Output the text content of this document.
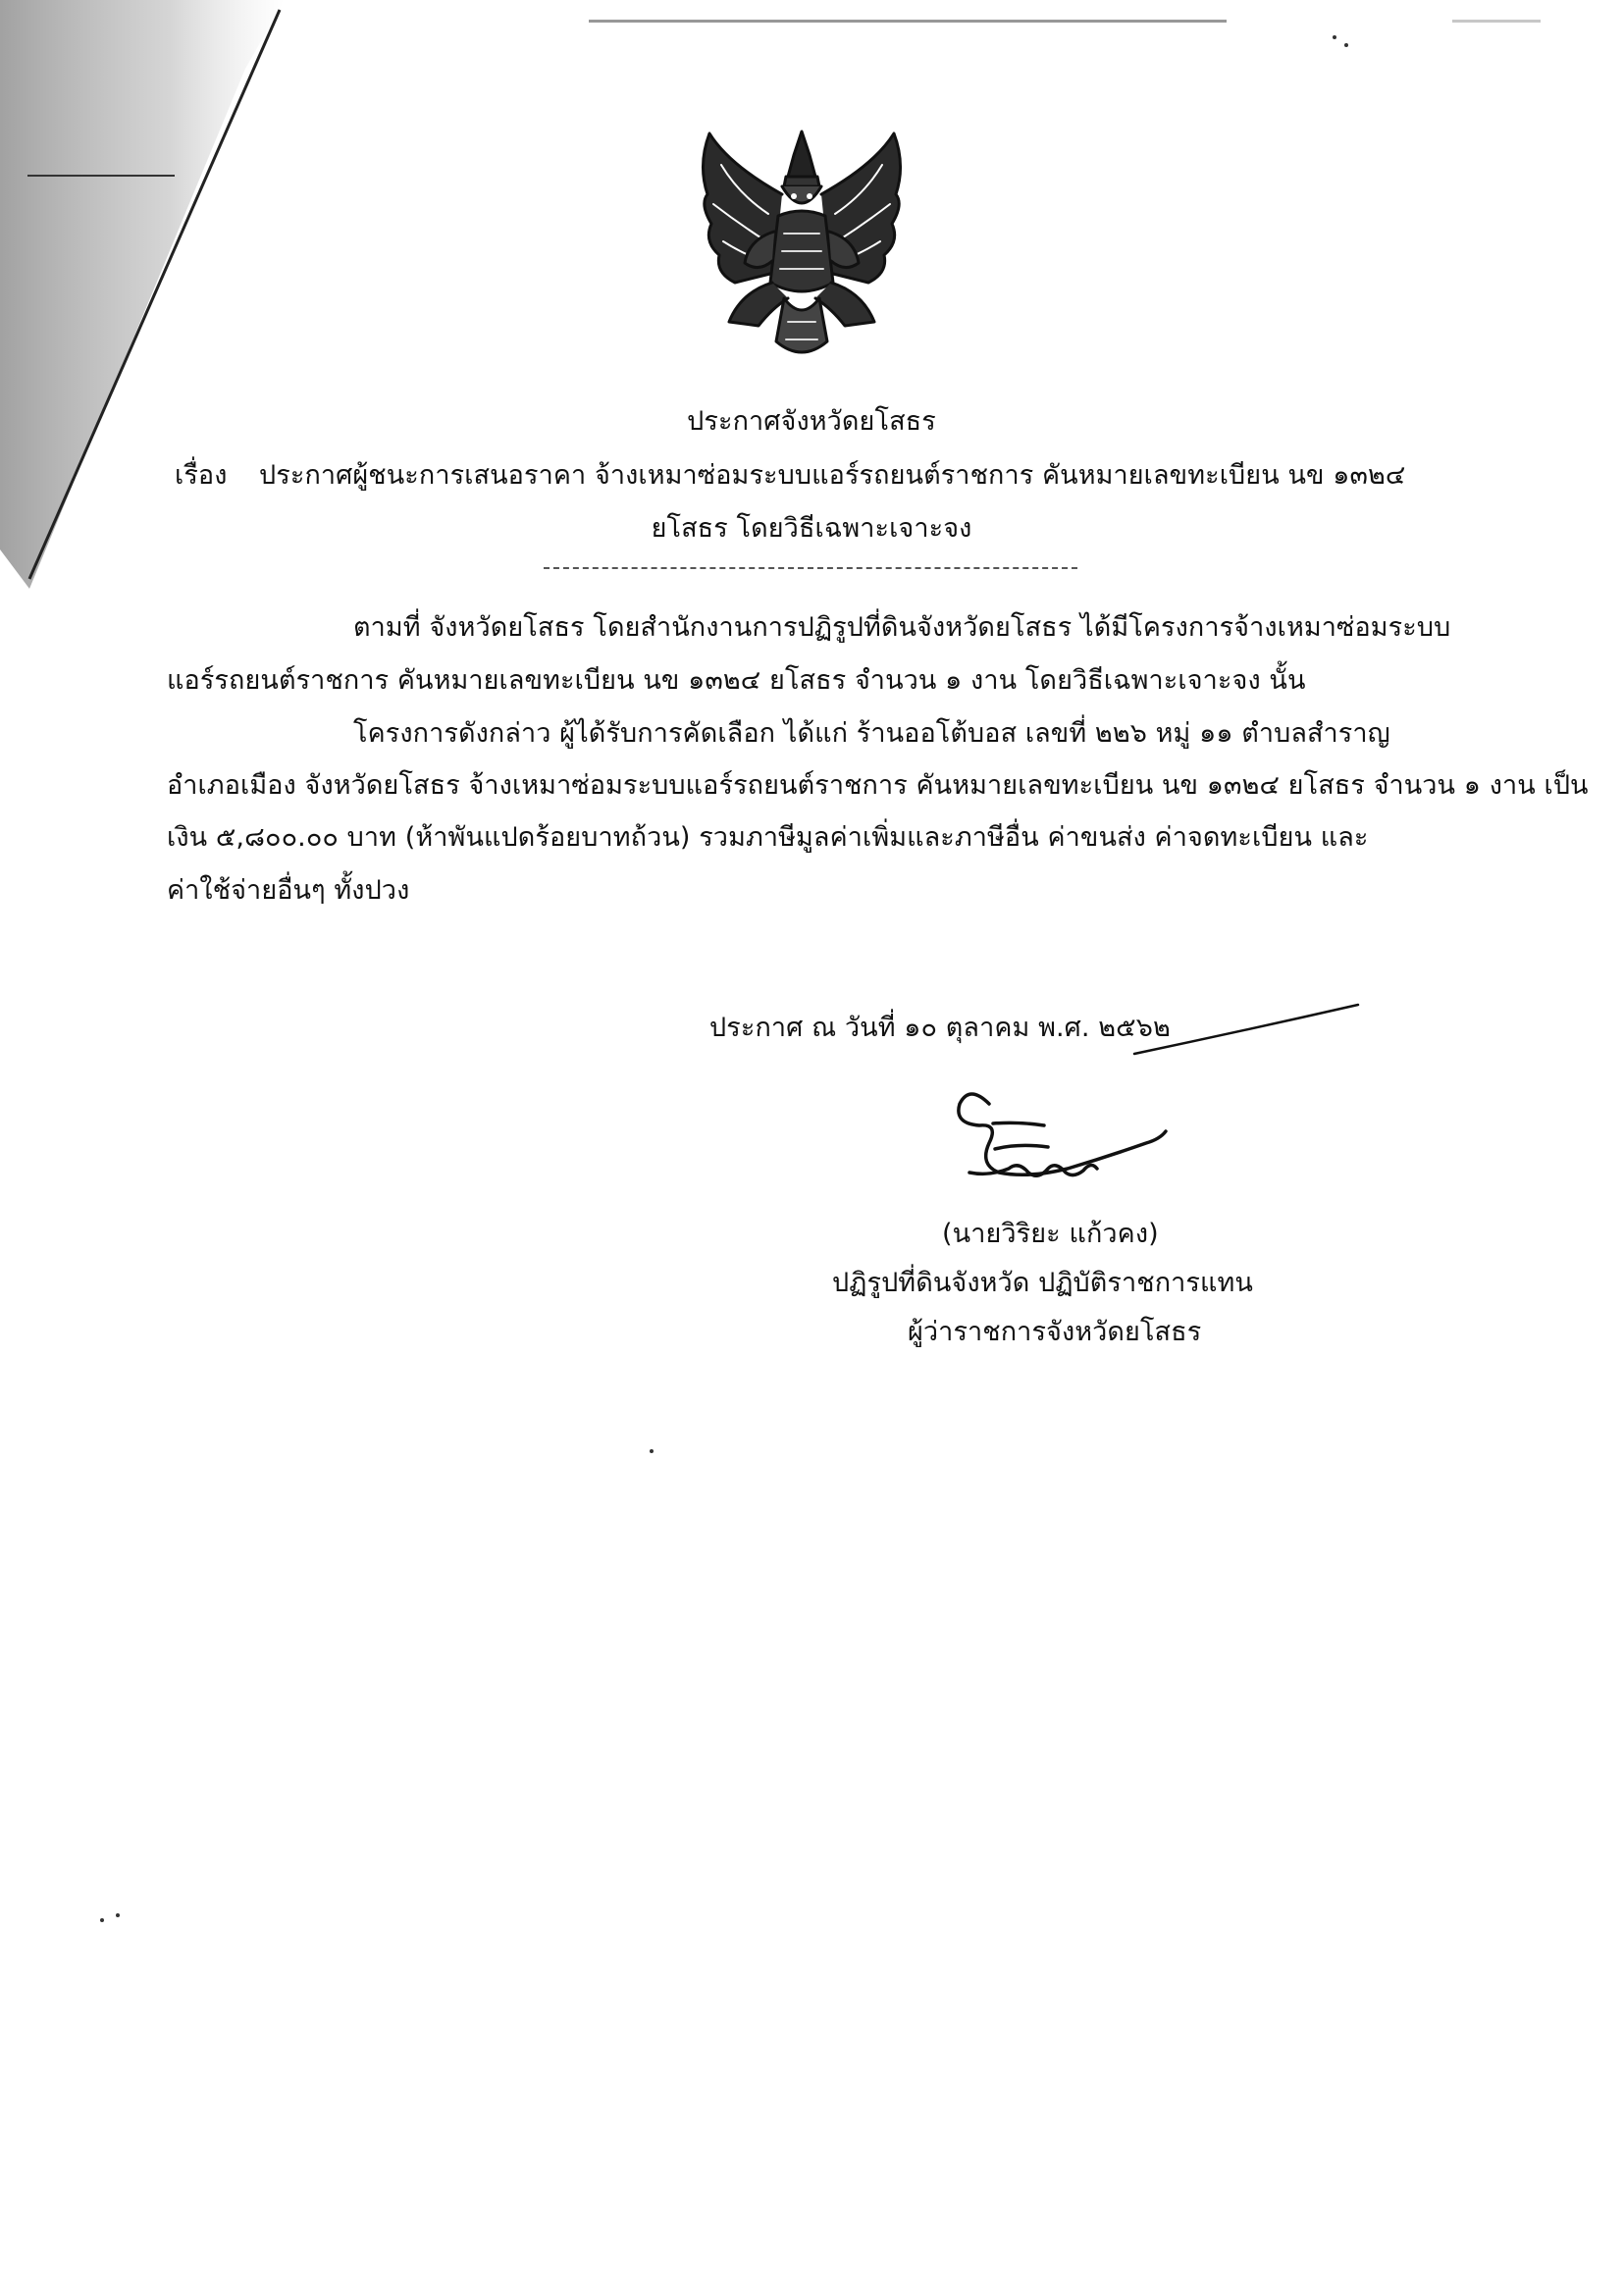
ประกาศจังหวัดยโสธร
เรื่อง ประกาศผู้ชนะการเสนอราคา จ้างเหมาซ่อมระบบแอร์รถยนต์ราชการ คันหมายเลขทะเบียน นข ๑๓๒๔
ยโสธร โดยวิธีเฉพาะเจาะจง
ตามที่ จังหวัดยโสธร โดยสำนักงานการปฏิรูปที่ดินจังหวัดยโสธร ได้มีโครงการจ้างเหมาซ่อมระบบ
แอร์รถยนต์ราชการ คันหมายเลขทะเบียน นข ๑๓๒๔ ยโสธร จำนวน ๑ งาน โดยวิธีเฉพาะเจาะจง นั้น
โครงการดังกล่าว ผู้ได้รับการคัดเลือก ได้แก่ ร้านออโต้บอส เลขที่ ๒๒๖ หมู่ ๑๑ ตำบลสำราญ
อำเภอเมือง จังหวัดยโสธร จ้างเหมาซ่อมระบบแอร์รถยนต์ราชการ คันหมายเลขทะเบียน นข ๑๓๒๔ ยโสธร จำนวน ๑ งาน เป็น
เงิน ๕,๘๐๐.๐๐ บาท (ห้าพันแปดร้อยบาทถ้วน) รวมภาษีมูลค่าเพิ่มและภาษีอื่น ค่าขนส่ง ค่าจดทะเบียน และ
ค่าใช้จ่ายอื่นๆ ทั้งปวง
ประกาศ ณ วันที่ ๑๐ ตุลาคม พ.ศ. ๒๕๖๒
(นายวิริยะ แก้วคง)
ปฏิรูปที่ดินจังหวัด ปฏิบัติราชการแทน
ผู้ว่าราชการจังหวัดยโสธร
